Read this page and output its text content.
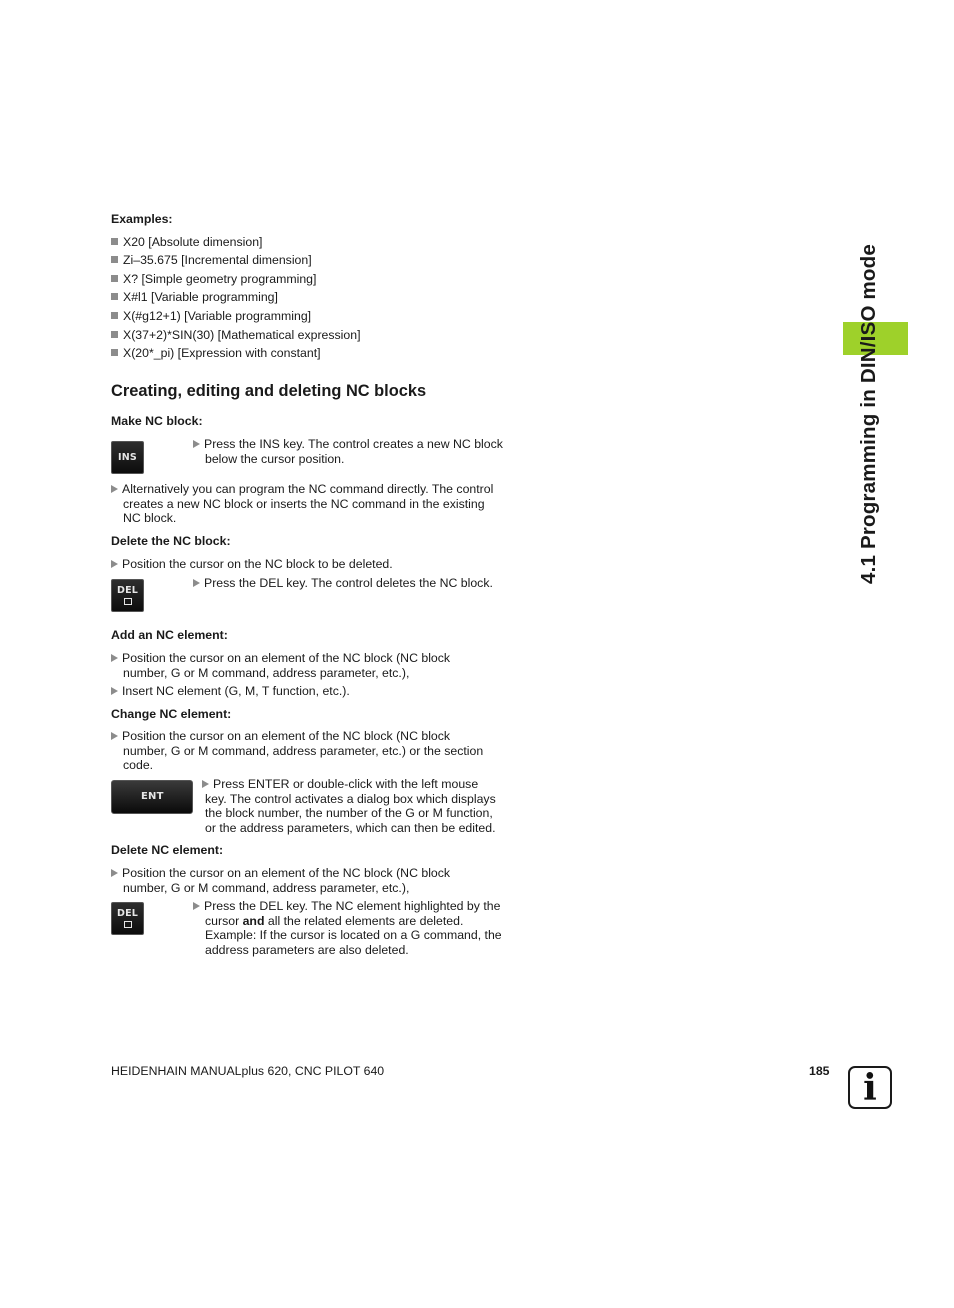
4.1 Programming in DIN/ISO mode
Examples:
X20 [Absolute dimension]
Zi–35.675 [Incremental dimension]
X? [Simple geometry programming]
X#l1 [Variable programming]
X(#g12+1) [Variable programming]
X(37+2)*SIN(30) [Mathematical expression]
X(20*_pi) [Expression with constant]
Creating, editing and deleting NC blocks
Make NC block:
INS
Press the INS key. The control creates a new NC block
below the cursor position.
Alternatively you can program the NC command directly. The control
creates a new NC block or inserts the NC command in the existing
NC block.
Delete the NC block:
Position the cursor on the NC block to be deleted.
DEL
Press the DEL key. The control deletes the NC block.
Add an NC element:
Position the cursor on an element of the NC block (NC block
number, G or M command, address parameter, etc.),
Insert NC element (G, M, T function, etc.).
Change NC element:
Position the cursor on an element of the NC block (NC block
number, G or M command, address parameter, etc.) or the section
code.
ENT
Press ENTER or double-click with the left mouse
key. The control activates a dialog box which displays
the block number, the number of the G or M function,
or the address parameters, which can then be edited.
Delete NC element:
Position the cursor on an element of the NC block (NC block
number, G or M command, address parameter, etc.),
DEL
Press the DEL key. The NC element highlighted by the
cursor and all the related elements are deleted.
Example: If the cursor is located on a G command, the
address parameters are also deleted.
HEIDENHAIN MANUALplus 620, CNC PILOT 640	185 i
